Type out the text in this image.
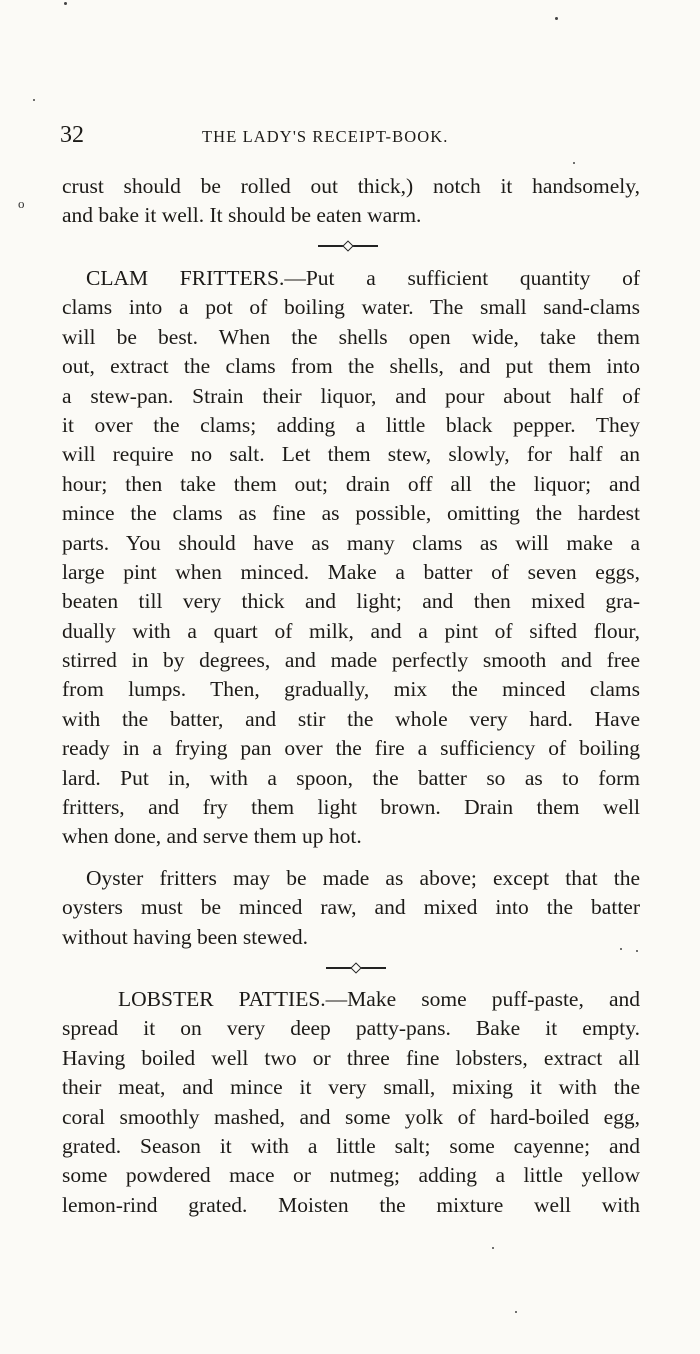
32	THE LADY'S RECEIPT-BOOK.
o
crust should be rolled out thick,) notch it handsomely,
and bake it well. It should be eaten warm.
CLAM FRITTERS.—Put a sufficient quantity of
clams into a pot of boiling water. The small sand-clams
will be best. When the shells open wide, take them
out, extract the clams from the shells, and put them into
a stew-pan. Strain their liquor, and pour about half of
it over the clams; adding a little black pepper. They
will require no salt. Let them stew, slowly, for half an
hour; then take them out; drain off all the liquor; and
mince the clams as fine as possible, omitting the hardest
parts. You should have as many clams as will make a
large pint when minced. Make a batter of seven eggs,
beaten till very thick and light; and then mixed gra-
dually with a quart of milk, and a pint of sifted flour,
stirred in by degrees, and made perfectly smooth and free
from lumps. Then, gradually, mix the minced clams
with the batter, and stir the whole very hard. Have
ready in a frying pan over the fire a sufficiency of boiling
lard. Put in, with a spoon, the batter so as to form
fritters, and fry them light brown. Drain them well
when done, and serve them up hot.
Oyster fritters may be made as above; except that the
oysters must be minced raw, and mixed into the batter
without having been stewed.
LOBSTER PATTIES.—Make some puff-paste, and
spread it on very deep patty-pans. Bake it empty.
Having boiled well two or three fine lobsters, extract all
their meat, and mince it very small, mixing it with the
coral smoothly mashed, and some yolk of hard-boiled egg,
grated. Season it with a little salt; some cayenne; and
some powdered mace or nutmeg; adding a little yellow
lemon-rind grated. Moisten the mixture well with
